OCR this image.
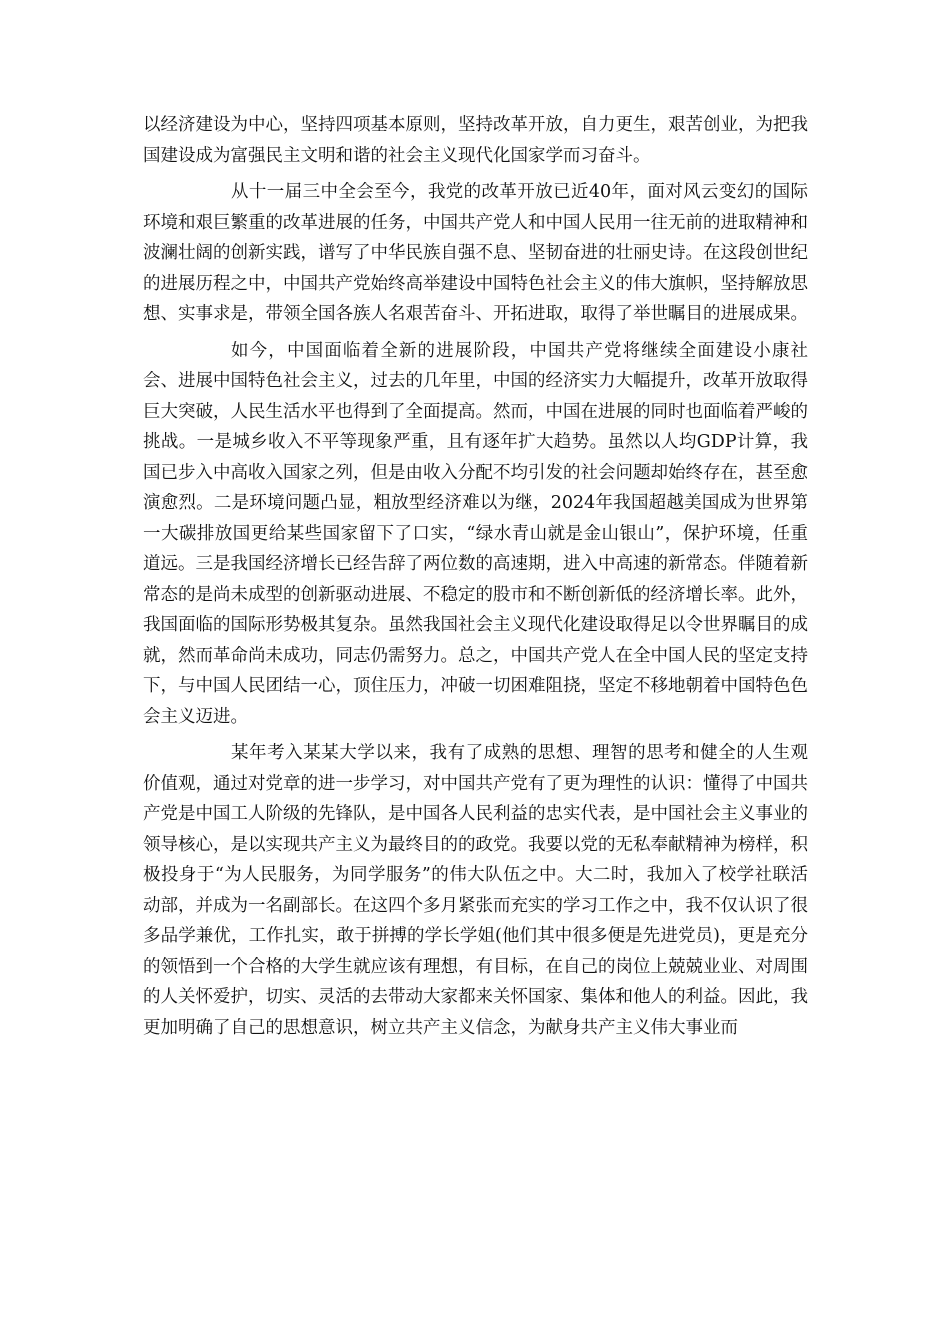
以经济建设为中心，坚持四项基本原则，坚持改革开放，自力更生，艰苦创业，为把我国建设成为富强民主文明和谐的社会主义现代化国家学而习奋斗。

从十一届三中全会至今，我党的改革开放已近40年，面对风云变幻的国际环境和艰巨繁重的改革进展的任务，中国共产党人和中国人民用一往无前的进取精神和波澜壮阔的创新实践，谱写了中华民族自强不息、坚韧奋进的壮丽史诗。在这段创世纪的进展历程之中，中国共产党始终高举建设中国特色社会主义的伟大旗帜，坚持解放思想、实事求是，带领全国各族人名艰苦奋斗、开拓进取，取得了举世瞩目的进展成果。

如今，中国面临着全新的进展阶段，中国共产党将继续全面建设小康社会、进展中国特色社会主义，过去的几年里，中国的经济实力大幅提升，改革开放取得巨大突破，人民生活水平也得到了全面提高。然而，中国在进展的同时也面临着严峻的挑战。一是城乡收入不平等现象严重，且有逐年扩大趋势。虽然以人均GDP计算，我国已步入中高收入国家之列，但是由收入分配不均引发的社会问题却始终存在，甚至愈演愈烈。二是环境问题凸显，粗放型经济难以为继，2024年我国超越美国成为世界第一大碳排放国更给某些国家留下了口实，“绿水青山就是金山银山”，保护环境，任重道远。三是我国经济增长已经告辞了两位数的高速期，进入中高速的新常态。伴随着新常态的是尚未成型的创新驱动进展、不稳定的股市和不断创新低的经济增长率。此外，我国面临的国际形势极其复杂。虽然我国社会主义现代化建设取得足以令世界瞩目的成就，然而革命尚未成功，同志仍需努力。总之，中国共产党人在全中国人民的坚定支持下，与中国人民团结一心，顶住压力，冲破一切困难阻挠，坚定不移地朝着中国特色色会主义迈进。

某年考入某某大学以来，我有了成熟的思想、理智的思考和健全的人生观价值观，通过对党章的进一步学习，对中国共产党有了更为理性的认识：懂得了中国共产党是中国工人阶级的先锋队，是中国各人民利益的忠实代表，是中国社会主义事业的领导核心，是以实现共产主义为最终目的的政党。我要以党的无私奉献精神为榜样，积极投身于“为人民服务，为同学服务”的伟大队伍之中。大二时，我加入了校学社联活动部，并成为一名副部长。在这四个多月紧张而充实的学习工作之中，我不仅认识了很多品学兼优，工作扎实，敢于拼搏的学长学姐(他们其中很多便是先进党员)，更是充分的领悟到一个合格的大学生就应该有理想，有目标，在自己的岗位上兢兢业业、对周围的人关怀爱护，切实、灵活的去带动大家都来关怀国家、集体和他人的利益。因此，我更加明确了自己的思想意识，树立共产主义信念，为献身共产主义伟大事业而
